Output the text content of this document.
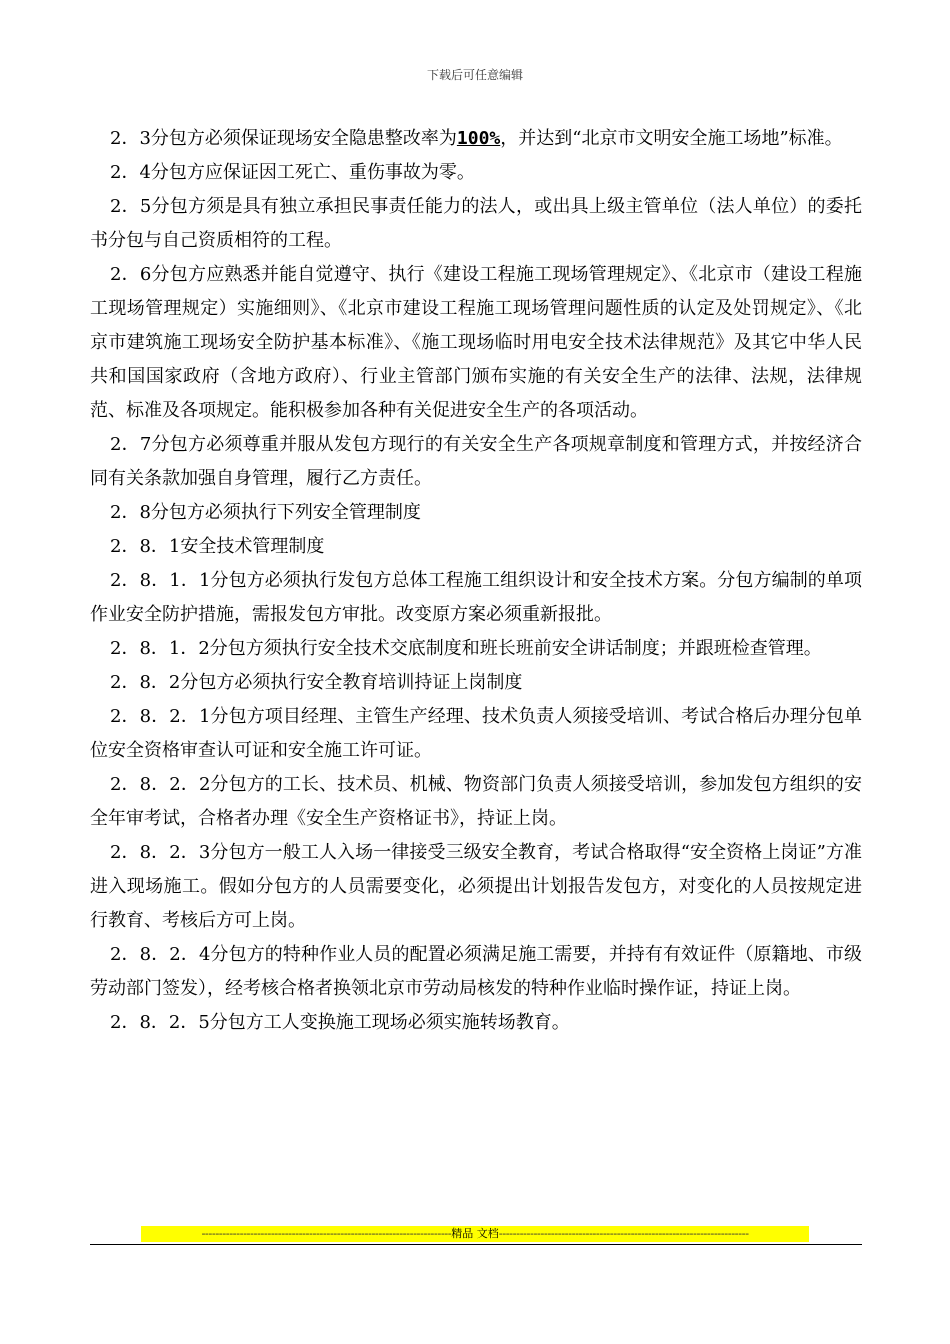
下载后可任意编辑

2．3分包方必须保证现场安全隐患整改率为100%，并达到“北京市文明安全施工场地”标准。

2．4分包方应保证因工死亡、重伤事故为零。

2．5分包方须是具有独立承担民事责任能力的法人，或出具上级主管单位（法人单位）的委托书分包与自己资质相符的工程。

2．6分包方应熟悉并能自觉遵守、执行《建设工程施工现场管理规定》、《北京市（建设工程施工现场管理规定）实施细则》、《北京市建设工程施工现场管理问题性质的认定及处罚规定》、《北京市建筑施工现场安全防护基本标准》、《施工现场临时用电安全技术法律规范》及其它中华人民共和国国家政府（含地方政府）、行业主管部门颁布实施的有关安全生产的法律、法规，法律规范、标准及各项规定。能积极参加各种有关促进安全生产的各项活动。

2．7分包方必须尊重并服从发包方现行的有关安全生产各项规章制度和管理方式，并按经济合同有关条款加强自身管理，履行乙方责任。

2．8分包方必须执行下列安全管理制度

2．8．1安全技术管理制度

2．8．1．1分包方必须执行发包方总体工程施工组织设计和安全技术方案。分包方编制的单项作业安全防护措施，需报发包方审批。改变原方案必须重新报批。

2．8．1．2分包方须执行安全技术交底制度和班长班前安全讲话制度；并跟班检查管理。

2．8．2分包方必须执行安全教育培训持证上岗制度

2．8．2．1分包方项目经理、主管生产经理、技术负责人须接受培训、考试合格后办理分包单位安全资格审查认可证和安全施工许可证。

2．8．2．2分包方的工长、技术员、机械、物资部门负责人须接受培训，参加发包方组织的安全年审考试，合格者办理《安全生产资格证书》，持证上岗。

2．8．2．3分包方一般工人入场一律接受三级安全教育，考试合格取得“安全资格上岗证”方准进入现场施工。假如分包方的人员需要变化，必须提出计划报告发包方，对变化的人员按规定进行教育、考核后方可上岗。

2．8．2．4分包方的特种作业人员的配置必须满足施工需要，并持有有效证件（原籍地、市级劳动部门签发），经考核合格者换领北京市劳动局核发的特种作业临时操作证，持证上岗。

2．8．2．5分包方工人变换施工现场必须实施转场教育。

------------------------------------------------------------------------精品 文档------------------------------------------------------------------------
